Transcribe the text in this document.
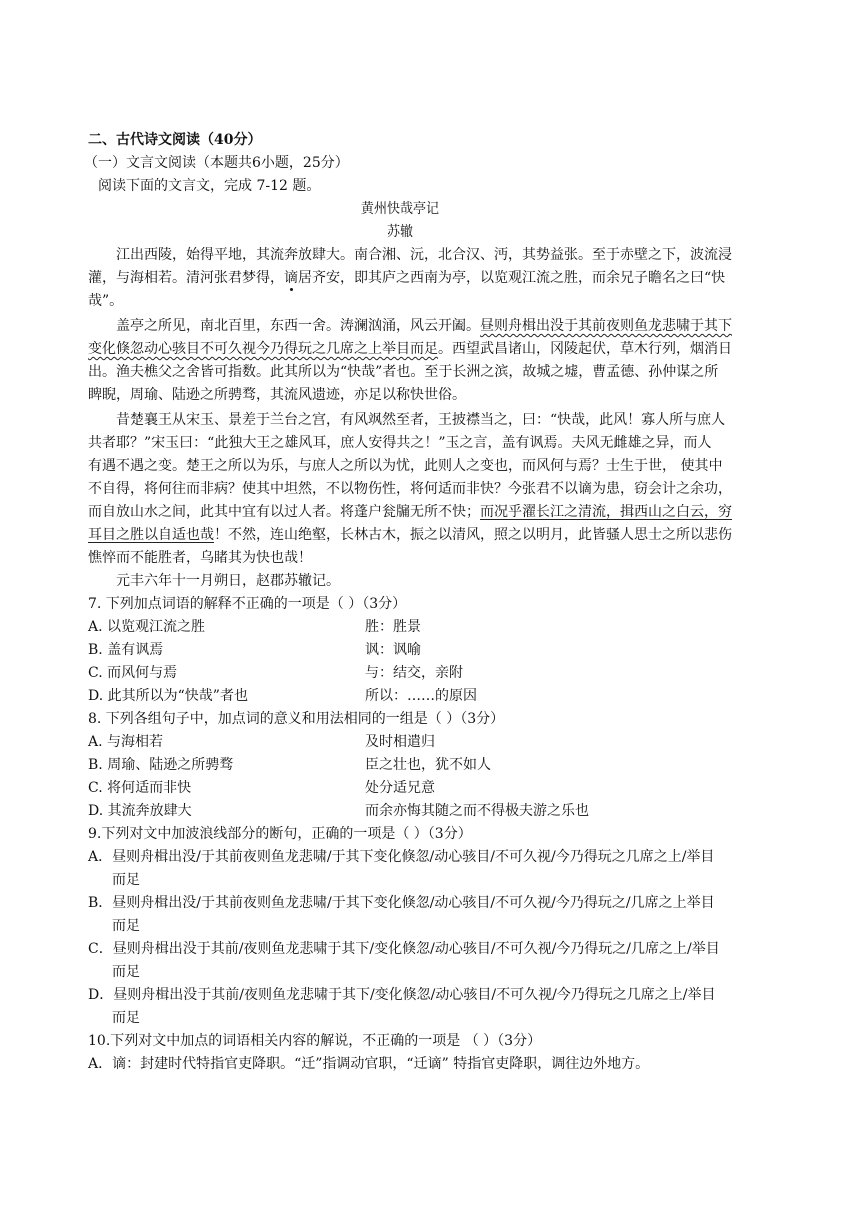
二、古代诗文阅读（40分）
（一）文言文阅读（本题共6小题，25分）
阅读下面的文言文，完成 7-12 题。
黄州快哉亭记
苏辙
江出西陵，始得平地，其流奔放肆大。南合湘、沅，北合汉、沔，其势益张。至于赤壁之下，波流浸
灌，与海相若。清河张君梦得，谪居齐安，即其庐之西南为亭，以览观江流之胜，而余兄子瞻名之曰“快
哉”。
盖亭之所见，南北百里，东西一舍。涛澜汹涌，风云开阖。昼则舟楫出没于其前夜则鱼龙悲啸于其下
变化倏忽动心骇目不可久视今乃得玩之几席之上举目而足。西望武昌诸山，冈陵起伏，草木行列，烟消日
出。渔夫樵父之舍皆可指数。此其所以为“快哉”者也。至于长洲之滨，故城之墟，曹孟德、孙仲谋之所
睥睨，周瑜、陆逊之所骋骛，其流风遗迹，亦足以称快世俗。
昔楚襄王从宋玉、景差于兰台之宫，有风飒然至者，王披襟当之，曰：“快哉，此风！寡人所与庶人
共者耶？”宋玉曰：“此独大王之雄风耳，庶人安得共之！”玉之言，盖有讽焉。夫风无雌雄之异，而人
有遇不遇之变。楚王之所以为乐，与庶人之所以为忧，此则人之变也，而风何与焉？士生于世， 使其中
不自得，将何往而非病？使其中坦然，不以物伤性，将何适而非快？今张君不以谪为患，窃会计之余功，
而自放山水之间，此其中宜有以过人者。将蓬户瓮牖无所不快；而况乎濯长江之清流，揖西山之白云，穷
耳目之胜以自适也哉！不然，连山绝壑，长林古木，振之以清风，照之以明月，此皆骚人思士之所以悲伤
憔悴而不能胜者，乌睹其为快也哉！
元丰六年十一月朔日，赵郡苏辙记。
7. 下列加点词语的解释不正确的一项是（ ）（3分）
A. 以览观江流之胜	胜：胜景
B. 盖有讽焉	讽：讽喻
C. 而风何与焉	与：结交，亲附
D. 此其所以为“快哉”者也	所以：……的原因
8. 下列各组句子中，加点词的意义和用法相同的一组是（ ）（3分）
A. 与海相若	及时相遣归
B. 周瑜、陆逊之所骋骛	臣之壮也，犹不如人
C. 将何适而非快	处分适兄意
D. 其流奔放肆大	而余亦悔其随之而不得极夫游之乐也
9.下列对文中加波浪线部分的断句，正确的一项是（ ）（3分）
A．昼则舟楫出没/于其前夜则鱼龙悲啸/于其下变化倏忽/动心骇目/不可久视/今乃得玩之几席之上/举目
而足
B．昼则舟楫出没/于其前夜则鱼龙悲啸/于其下变化倏忽/动心骇目/不可久视/今乃得玩之/几席之上举目
而足
C．昼则舟楫出没于其前/夜则鱼龙悲啸于其下/变化倏忽/动心骇目/不可久视/今乃得玩之/几席之上/举目
而足
D．昼则舟楫出没于其前/夜则鱼龙悲啸于其下/变化倏忽/动心骇目/不可久视/今乃得玩之几席之上/举目
而足
10.下列对文中加点的词语相关内容的解说，不正确的一项是 （ ）（3分）
A．谪：封建时代特指官吏降职。“迁”指调动官职，“迁谪” 特指官吏降职，调往边外地方。
